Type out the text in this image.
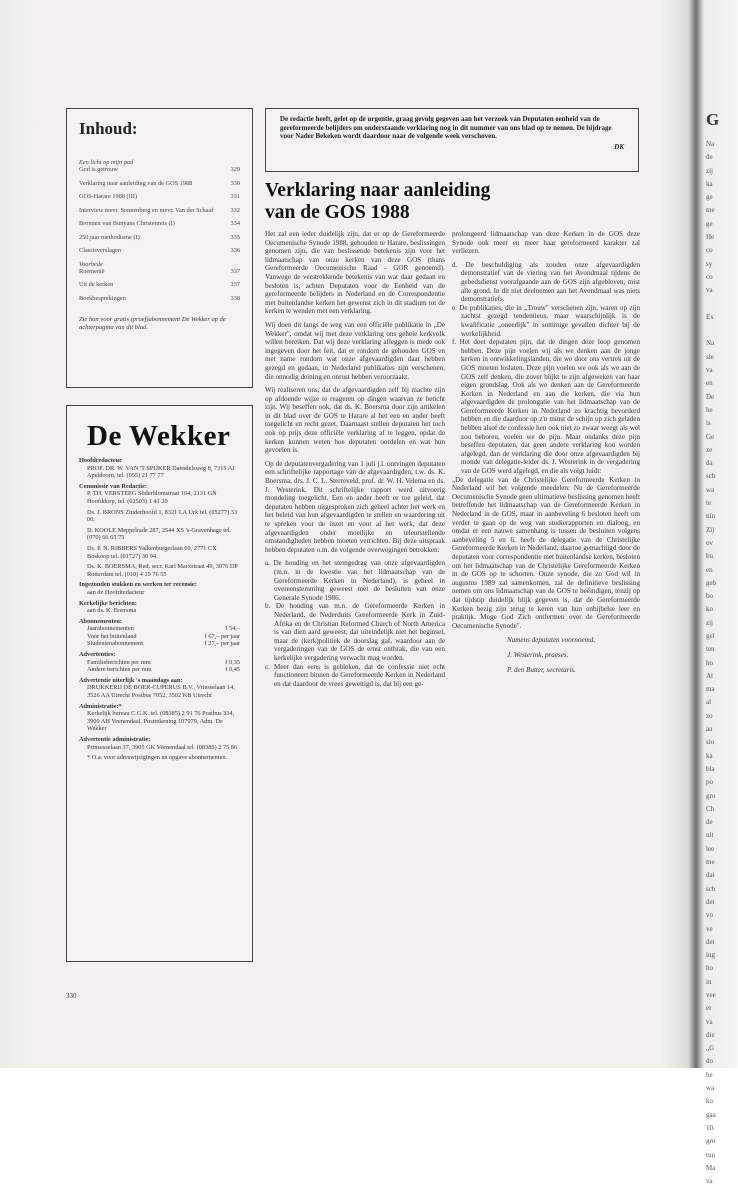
Inhoud:
Een licht op mijn pad
God is getrouw	329
Verklaring naar aanleiding van de GOS 1988	330
GOS-Harare 1988 (III)	331
Interview mevr. Sonnenberg en mevr. Van der Schaaf	332
Bronnen van Bunyans Christenreis (I)	334
250 jaar methodisme (I)	335
Classisverslagen	336
Voorbede
Roemenië	337
Uit de kerken	337
Boekbesprekingen	338
Zie hon voor gratis (proef)abonnement De Wekker op de achterpagina van dit blad.
De Wekker
Hoofdredacteur
PROF. DR. W. VAN 'T SPIJKER Daendelsweg 8, 7315 AJ Apeldoorn, tel. (055) 21 77 77
Commissie van Redactie:
P. TH. VERSTEEG Söderblomstraat 104, 2131 GN Hoofddorp, tel. (02503) 1 41 20
Ds. J. BRONS Zuiderhoofd 1, 8321 LA Urk tel. (05277) 33 00.
D. KOOLE Meppelrade 287, 2544 XS 's-Gravenhage tel. (070) 66 65 75
Ds. P. N. RIBBERS Valkenburgerlaan 69, 2771 CX Boskoop tel. (01727) 30 94.
Ds. K. BOERSMA, Red. secr. Karl Marxstraat 49, 3076 DP Rotterdam tel. (010) 4 19 76 55
Ingezonden stukken en werken ter recensie:
aan de Hoofdredacteur
Kerkelijke berichten:
aan ds. K. Boersma
Abonnementen:
Jaarabonnementen	f 54,–
Voor het buitenland	f 67,– per jaar
Studentenabonnement	f 27,– per jaar
Advertenties:
Familieberichten per mm	f 0,35
Andere berichten per mm	f 0,45
Advertentie uiterlijk 's maandags aan:
DRUKKERIJ DE BOER-CUPERUS B.V., Vriesselaan 14, 3526 AA Utrecht Postbus 7052, 3502 KB Utrecht
Administratie:*
Kerkelijk bureau C.G.K. tel. (08385) 2 91 76 Postbus 334, 3900 AH Veenendaal, Postrekening 107979, Adm. De Wekker
Advertentie administratie:
Prinsesselaan 37, 3905 GK Veenendaal tel. (08385) 2 75 86
* O.a. voor adreswijzigingen en opgave abonnementen.
De redactie heeft, gelet op de urgentie, graag gevolg gegeven aan het verzoek van Deputaten eenheid van de gereformeerde belijders om onderstaande verklaring nog in dit nummer van ons blad op te nemen. De bijdrage voor Nader Bekeken wordt daardoor naar de volgende week verschoven.
DK
Verklaring naar aanleiding van de GOS 1988

Het zal een ieder duidelijk zijn, dat er op de Gereformeerde Oecumenische Synode 1988, gehouden te Harare, beslissingen genomen zijn, die van beslissende betekenis zijn voor het lidmaatschap van onze kerken van deze GOS (thans Gereformeerde Oecumenische Raad - GOR genoemd). Vanwege de verstrekkende betekenis van wat daar gedaan en besloten is, achten Deputaten voor de Eenheid van de gereformeerde belijders in Nederland en de Correspondentie met buitenlandse kerken het gewenst zich in dit stadium tot de kerken te wenden met een verklaring.

Wij doen dit langs de weg van een officiële publikatie in „De Wekker", omdat wij met deze verklaring ons gehele kerkvolk willen bereiken. Dat wij deze verklaring afleggen is mede ook ingegeven door het feit, dat er rondom de gehouden GOS en met name rondom wat onze afgevaardigden daar hebben gezegd en gedaan, in Nederland publikaties zijn verschenen, die onnodig deining en onrust hebben veroorzaakt.

Wij realiseren ons, dat de afgevaardigden zelf bij machte zijn op afdoende wijze te reageren op dingen waarvan ze beticht zijn. Wij beseffen ook, dat ds. K. Boersma door zijn artikelen in dit blad over de GOS te Harare al het een en ander heeft toegelicht en recht gezet. Daarnaast stellen deputaten het toch ook op prijs deze officiële verklaring af te leggen, opdat de kerken kunnen weten hoe deputaten oordelen en wat hun gevoelen is.

Op de deputatenvergadering van 1 juli j.l. ontvingen deputaten een schriftelijke rapportage van de afgevaardigden, t.w. ds. K. Boersma, drs. J. C. L. Sterreveld, prof. dr. W. H. Velema en ds. J. Westerink. Dit schriftelijke rapport werd uitvoerig mondeling toegelicht. Een en ander heeft er toe geleid, dat deputaten hebben uitgesproken zich geheel achter het werk en het beleid van hun afgevaardigden te stellen en waardering uit te spreken voor de inzet en voor al het werk, dat deze afgevaardigden onder moeilijke en teleurstellende omstandigheden hebben moeten verrichten. Bij deze uitspraak hebben deputaten o.m. de volgende overwegingen betrokken:

a. De houding en het stemgedrag van onze afgevaardigden (m.n. in de kwestie van het lidmaatschap van de Gereformeerde Kerken in Nederland), is geheel in overeenstemming geweest met de besluiten van onze Generale Synode 1986.

b. De houding van m.n. de Gereformeerde Kerken in Nederland, de Nederduits Gereformeerde Kerk in Zuid-Afrika en de Christian Reformed Church of North America is van dien aard geweest, dat uiteindelijk niet het beginsel, maar de (kerk)politiek de doorslag gaf, waardoor aan de vergaderingen van de GOS de ernst ontbrak, die van een kerkelijke vergadering verwacht mag worden.

c. Meer dan eens is gebleken, dat de confessie niet echt functioneert binnen de Gereformeerde Kerken in Nederland en dat daardoor de vrees gewettigd is, dat bij een ge-

prolongeerd lidmaatschap van deze Kerken in de GOS deze Synode ook meer en meer haar gereformeerd karakter zal verliezen.

d. De beschuldiging als zouden onze afgevaardigden demonstratief van de viering van het Avondmaal tijdens de gebedsdienst voorafgaande aan de GOS zijn afgebleven, mist alle grond. In dit niet deelnemen aan het Avondmaal was niets demonstratiefs.

e. De publikaties, die in „Trouw" verschenen zijn, waren op zijn zachtst gezegd tendentieus, maar waarschijnlijk is de kwalificatie „oneerlijk" in sommige gevallen dichter bij de werkelijkheid.

f. Het doet deputaten pijn, dat de dingen deze loop genomen hebben. Deze pijn voelen wij als we denken aan de jonge kerken in ontwikkelingslanden, die we door ons vertrek uit de GOS moeten loslaten. Deze pijn voelen we ook als we aan de GOS zelf denken, die zover blijkt te zijn afgeweken van haar eigen grondslag. Ook als we denken aan de Gereformeerde Kerken in Nederland en aan die kerken, die via hun afgevaardigden de prolongatie van het lidmaatschap van de Gereformeerde Kerken in Nederland zo krachtig bevorderd hebben en die daardoor op z'n minst de schijn op zich geladen hebben alsof de confessie hen ook niet zo zwaar weegt als wel zou behoren, voelen we de pijn. Maar ondanks deze pijn beseffen deputaten, dat geen andere verklaring kon worden afgelegd, dan de verklaring die door onze afgevaardigden bij monde van delegatie-leider ds. J. Westerink in de vergadering van de GOS werd afgelegd, en die als volgt luidt:

„De delegatie van de Christelijke Gereformeerde Kerken in Nederland wil het volgende meedelen: Nu de Gereformeerde Oecumenische Synode geen ultimatieve beslissing genomen heeft betreffende het lidmaatschap van de Gereformeerde Kerken in Nederland in de GOS, maar in aanbeveling 6 besloten heeft om verder te gaan op de weg van studierapporten en dialoog, en omdat er een nauwe samenhang is tussen de besluiten volgens aanbeveling 5 en 6, heeft de delegatie van de Christelijke Gereformeerde Kerken in Nederland, daartoe gemachtigd door de deputaten voor correspondentie met buitenlandse kerken, besloten om het lidmaatschap van de Christelijke Gereformeerde Kerken in de GOS op te schorten. Onze synode, die zo God wil in augustus 1989 zal samenkomen, zal de definitieve beslissing nemen om ons lidmaatschap van de GOS te beëindigen, tenzij op dat tijdstip duidelijk blijk gegeven is, dat de Gereformeerde Kerken bezig zijn terug te keren van hun onbijbelse leer en praktijk. Moge God Zich ontfermen over de Gereformeerde Oecumenische Synode".

Namens deputaten voornoemd,
J. Westerink, praeses.
P. den Butter, secretaris.
330
G
Na
de
zij
ka
ge
me
ge
He
co
sy
co
va

Ex

Na
sie
va
en
De
he
is
Ge
ze
da
sch
wa
te
nin
Zij
ov
bu
en
geb
bo
ko
zij
gel
ten
ho
Al
ma
al
zo
aa
sio
ka
bla
po
gro
Ch
de
uit
lee
me
dai
sch
dei
vo
ve
dei
ing
ho
in
vee
er
va
die
„G
do
he
wa
ko
gaa
10.
gro
tuu
Ma
va
